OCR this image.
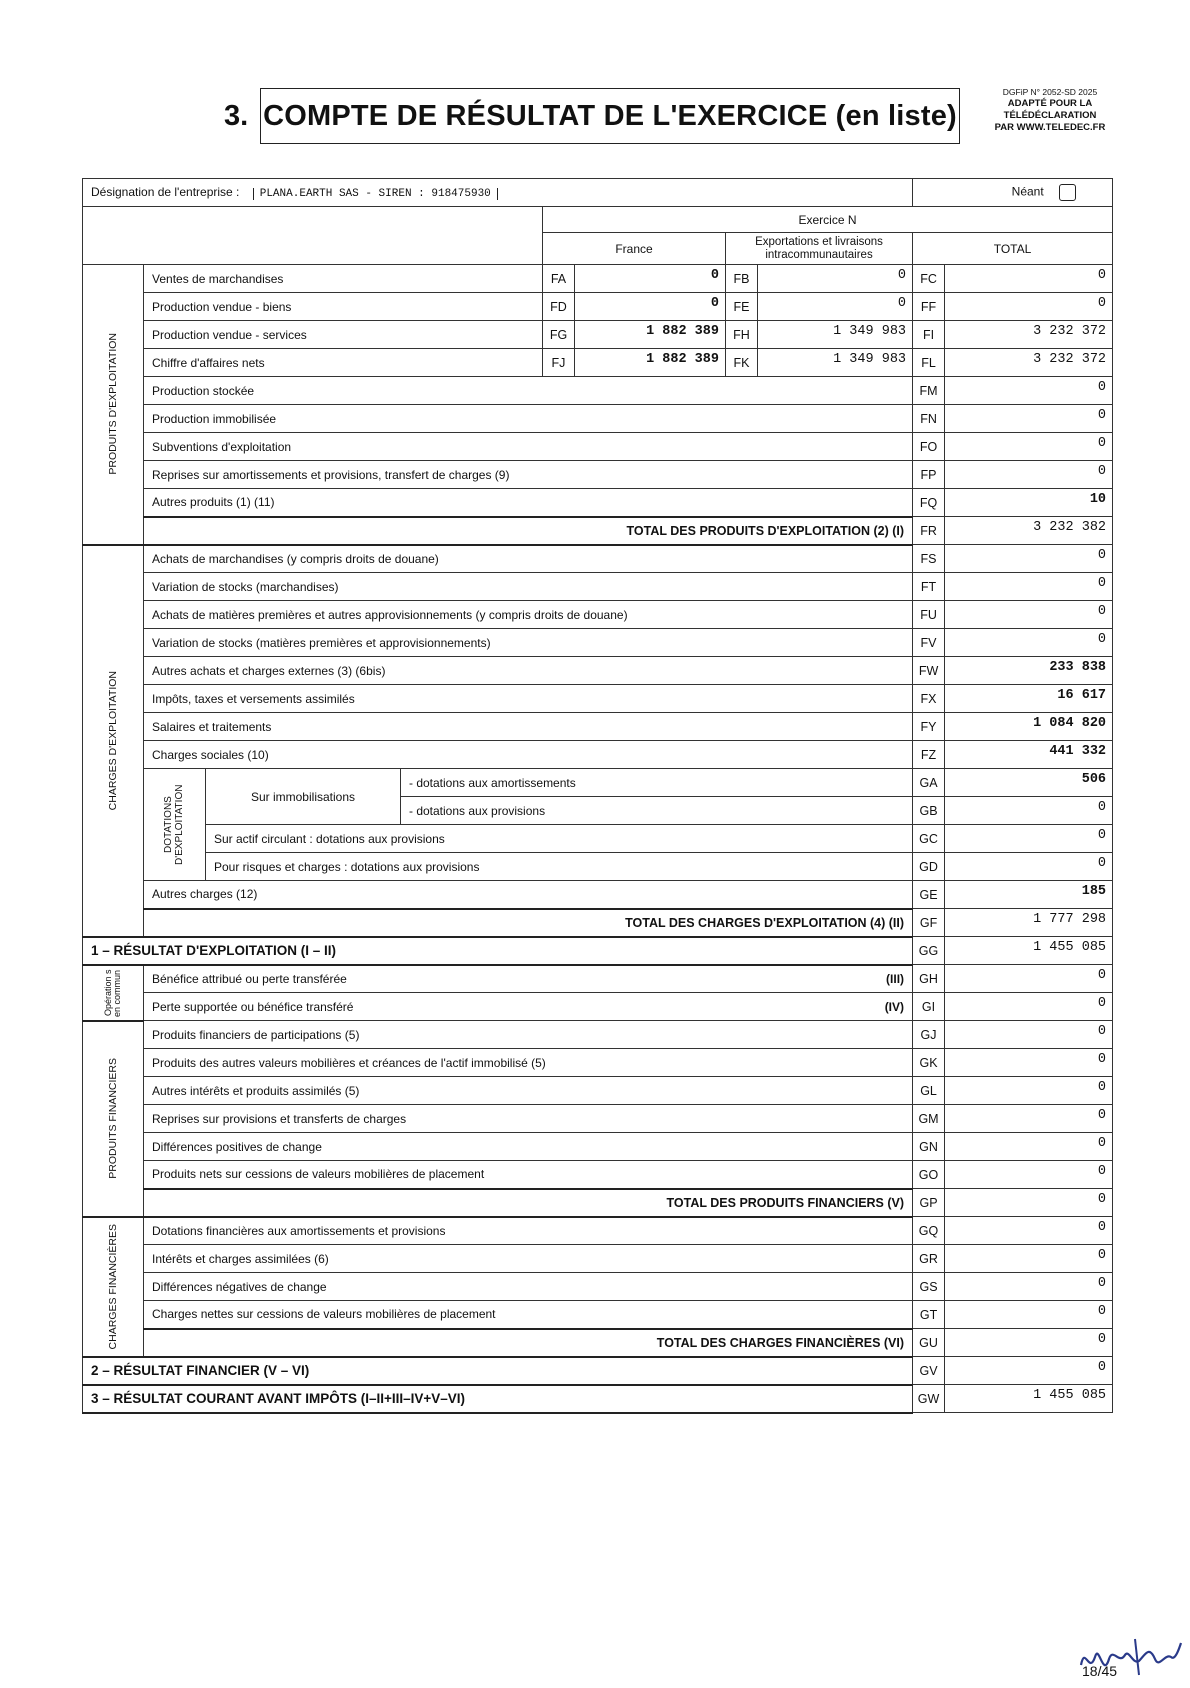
3. COMPTE DE RÉSULTAT DE L'EXERCICE (en liste)
DGFiP N° 2052-SD 2025
ADAPTÉ POUR LA
TÉLÉDÉCLARATION
PAR WWW.TELEDEC.FR
Désignation de l'entreprise : PLANA.EARTH SAS - SIREN : 918475930								Néant	
				Exercice N					
				France		Exportations et livraisons intracommunautaires		TOTAL	

PRODUITS D'EXPLOITATION	Ventes de marchandises			FA	0	FB	0	FC	0
	Production vendue - biens			FD	0	FE	0	FF	0
	Production vendue - services			FG	1 882 389	FH	1 349 983	FI	3 232 372
	Chiffre d'affaires nets			FJ	1 882 389	FK	1 349 983	FL	3 232 372
	Production stockée							FM	0
	Production immobilisée							FN	0
	Subventions d'exploitation							FO	0
	Reprises sur amortissements et provisions, transfert de charges (9)							FP	0
	Autres produits (1) (11)							FQ	10
	TOTAL DES PRODUITS D'EXPLOITATION (2) (I)							FR	3 232 382

CHARGES D'EXPLOITATION	Achats de marchandises (y compris droits de douane)							FS	0
	Variation de stocks (marchandises)							FT	0
	Achats de matières premières et autres approvisionnements (y compris droits de douane)							FU	0
	Variation de stocks (matières premières et approvisionnements)							FV	0
	Autres achats et charges externes (3) (6bis)							FW	233 838
	Impôts, taxes et versements assimilés							FX	16 617
	Salaires et traitements							FY	1 084 820
	Charges sociales (10)							FZ	441 332

	DOTATIONS D'EXPLOITATION	Sur immobilisations	- dotations aux amortissements					GA	506
			- dotations aux provisions					GB	0
		Sur actif circulant : dotations aux provisions						GC	0
		Pour risques et charges : dotations aux provisions						GD	0
	Autres charges (12)							GE	185
	TOTAL DES CHARGES D'EXPLOITATION (4) (II)							GF	1 777 298
1 – RÉSULTAT D'EXPLOITATION (I – II)								GG	1 455 085

Opération s en commun	Bénéfice attribué ou perte transférée (III)							GH	0
	Perte supportée ou bénéfice transféré (IV)							GI	0

PRODUITS FINANCIERS	Produits financiers de participations (5)							GJ	0
	Produits des autres valeurs mobilières et créances de l'actif immobilisé (5)							GK	0
	Autres intérêts et produits assimilés (5)							GL	0
	Reprises sur provisions et transferts de charges							GM	0
	Différences positives de change							GN	0
	Produits nets sur cessions de valeurs mobilières de placement							GO	0
	TOTAL DES PRODUITS FINANCIERS (V)							GP	0

CHARGES FINANCIÈRES	Dotations financières aux amortissements et provisions							GQ	0
	Intérêts et charges assimilées (6)							GR	0
	Différences négatives de change							GS	0
	Charges nettes sur cessions de valeurs mobilières de placement							GT	0
	TOTAL DES CHARGES FINANCIÈRES (VI)							GU	0
2 – RÉSULTAT FINANCIER (V – VI)								GV	0
3 – RÉSULTAT COURANT AVANT IMPÔTS (I–II+III–IV+V–VI)								GW	1 455 085
18/45
